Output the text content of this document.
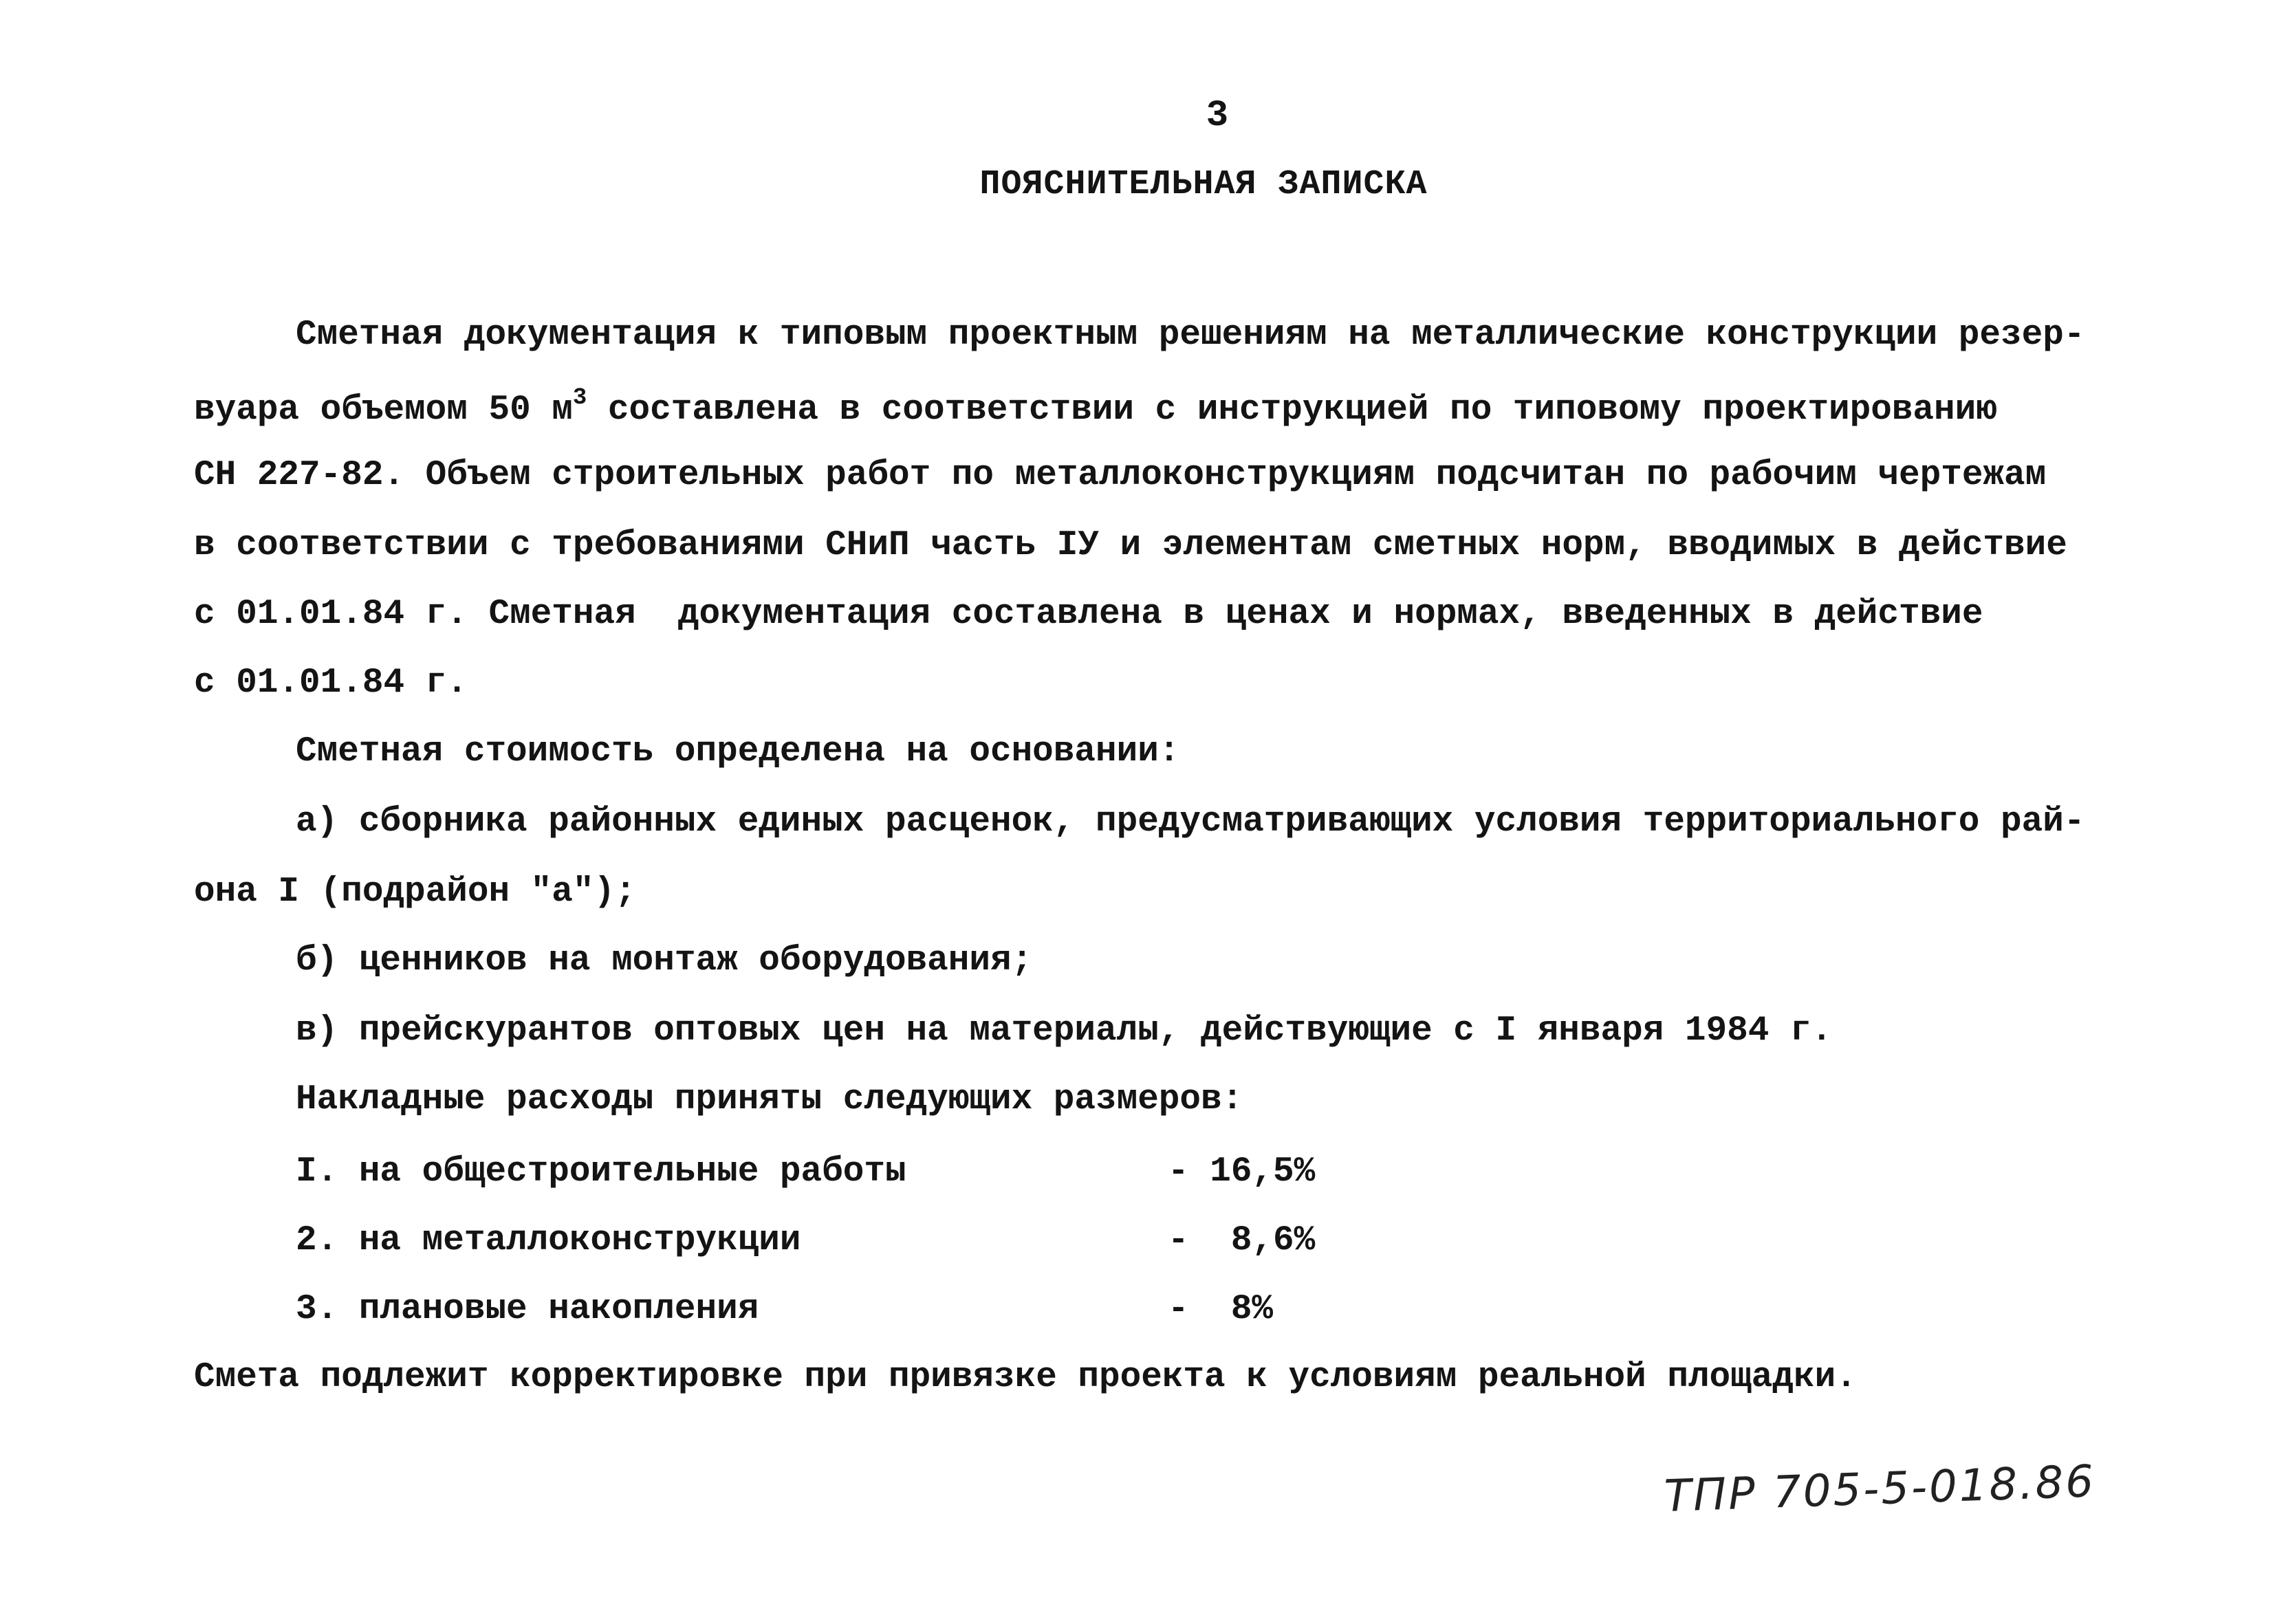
3
ПОЯСНИТЕЛЬНАЯ ЗАПИСКА
Сметная документация к типовым проектным решениям на металлические конструкции резер-
вуара объемом 50 $м^3$ составлена в соответствии с инструкцией по типовому проектированию
СН 227-82. Объем строительных работ по металлоконструкциям подсчитан по рабочим чертежам
в соответствии с требованиями СНиП часть IУ и элементам сметных норм, вводимых в действие
с 01.01.84 г. Сметная  документация составлена в ценах и нормах, введенных в действие
с 01.01.84 г.
Сметная стоимость определена на основании:
а) сборника районных единых расценок, предусматривающих условия территориального рай-
она I (подрайон "а");
б) ценников на монтаж оборудования;
в) прейскурантов оптовых цен на материалы, действующие с I января 1984 г.
Накладные расходы приняты следующих размеров:
I. на общестроительные работы	- 16,5%
2. на металлоконструкции	-  8,6%
3. плановые накопления	-  8%
Смета подлежит корректировке при привязке проекта к условиям реальной площадки.
ТПР 705-5-018.86
